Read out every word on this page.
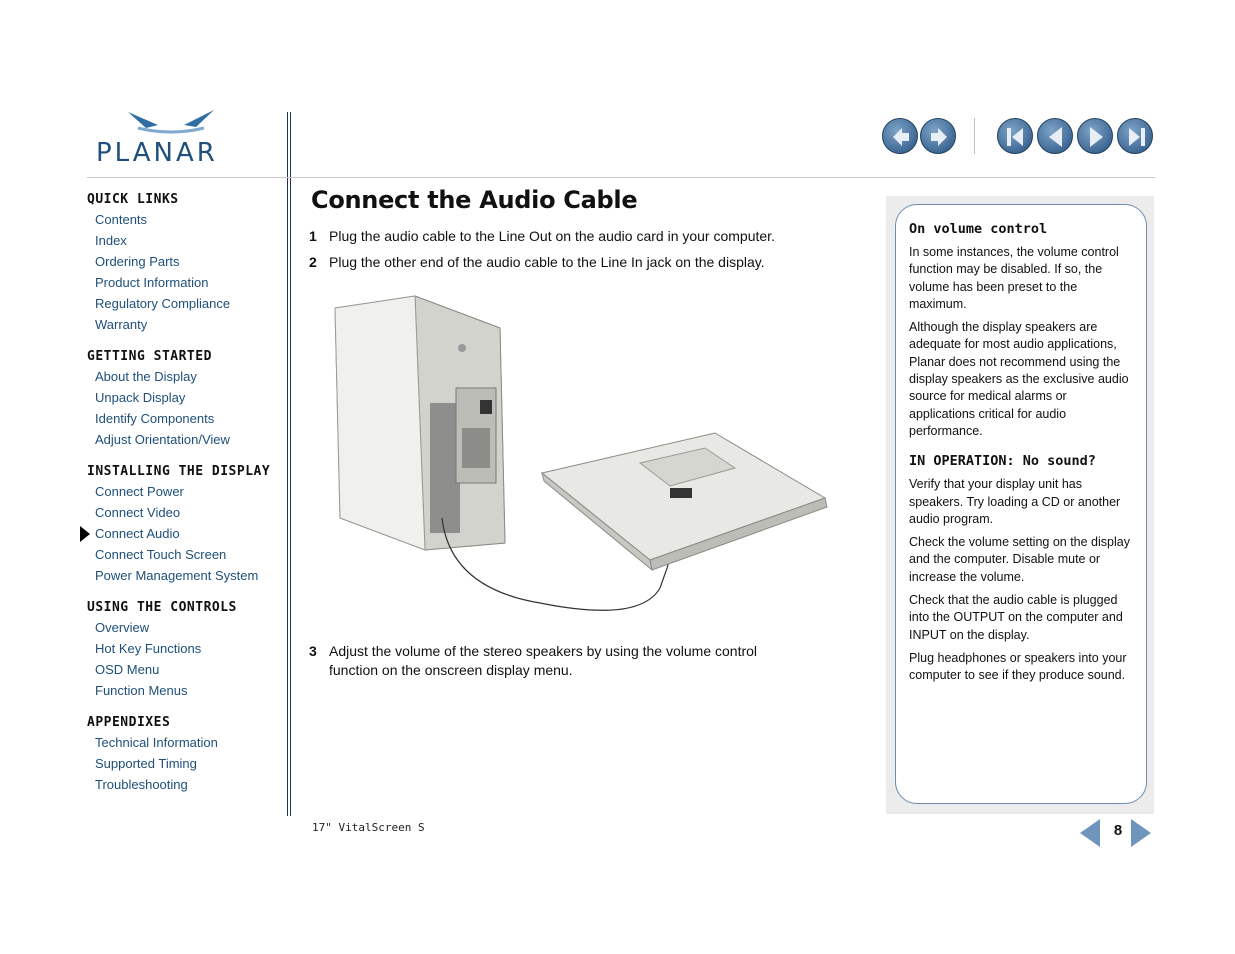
PLANAR
QUICK LINKS
Contents
Index
Ordering Parts
Product Information
Regulatory Compliance
Warranty
GETTING STARTED
About the Display
Unpack Display
Identify Components
Adjust Orientation/View
INSTALLING THE DISPLAY
Connect Power
Connect Video
Connect Audio
Connect Touch Screen
Power Management System
USING THE CONTROLS
Overview
Hot Key Functions
OSD Menu
Function Menus
APPENDIXES
Technical Information
Supported Timing
Troubleshooting
Connect the Audio Cable
1 Plug the audio cable to the Line Out on the audio card in your computer.
2 Plug the other end of the audio cable to the Line In jack on the display.
3 Adjust the volume of the stereo speakers by using the volume control function on the onscreen display menu.
On volume control

In some instances, the volume control function may be disabled. If so, the volume has been preset to the maximum.

Although the display speakers are adequate for most audio applications, Planar does not recommend using the display speakers as the exclusive audio source for medical alarms or applications critical for audio performance.

IN OPERATION: No sound?

Verify that your display unit has speakers. Try loading a CD or another audio program.

Check the volume setting on the display and the computer. Disable mute or increase the volume.

Check that the audio cable is plugged into the OUTPUT on the computer and INPUT on the display.

Plug headphones or speakers into your computer to see if they produce sound.

17" VitalScreen S	8
